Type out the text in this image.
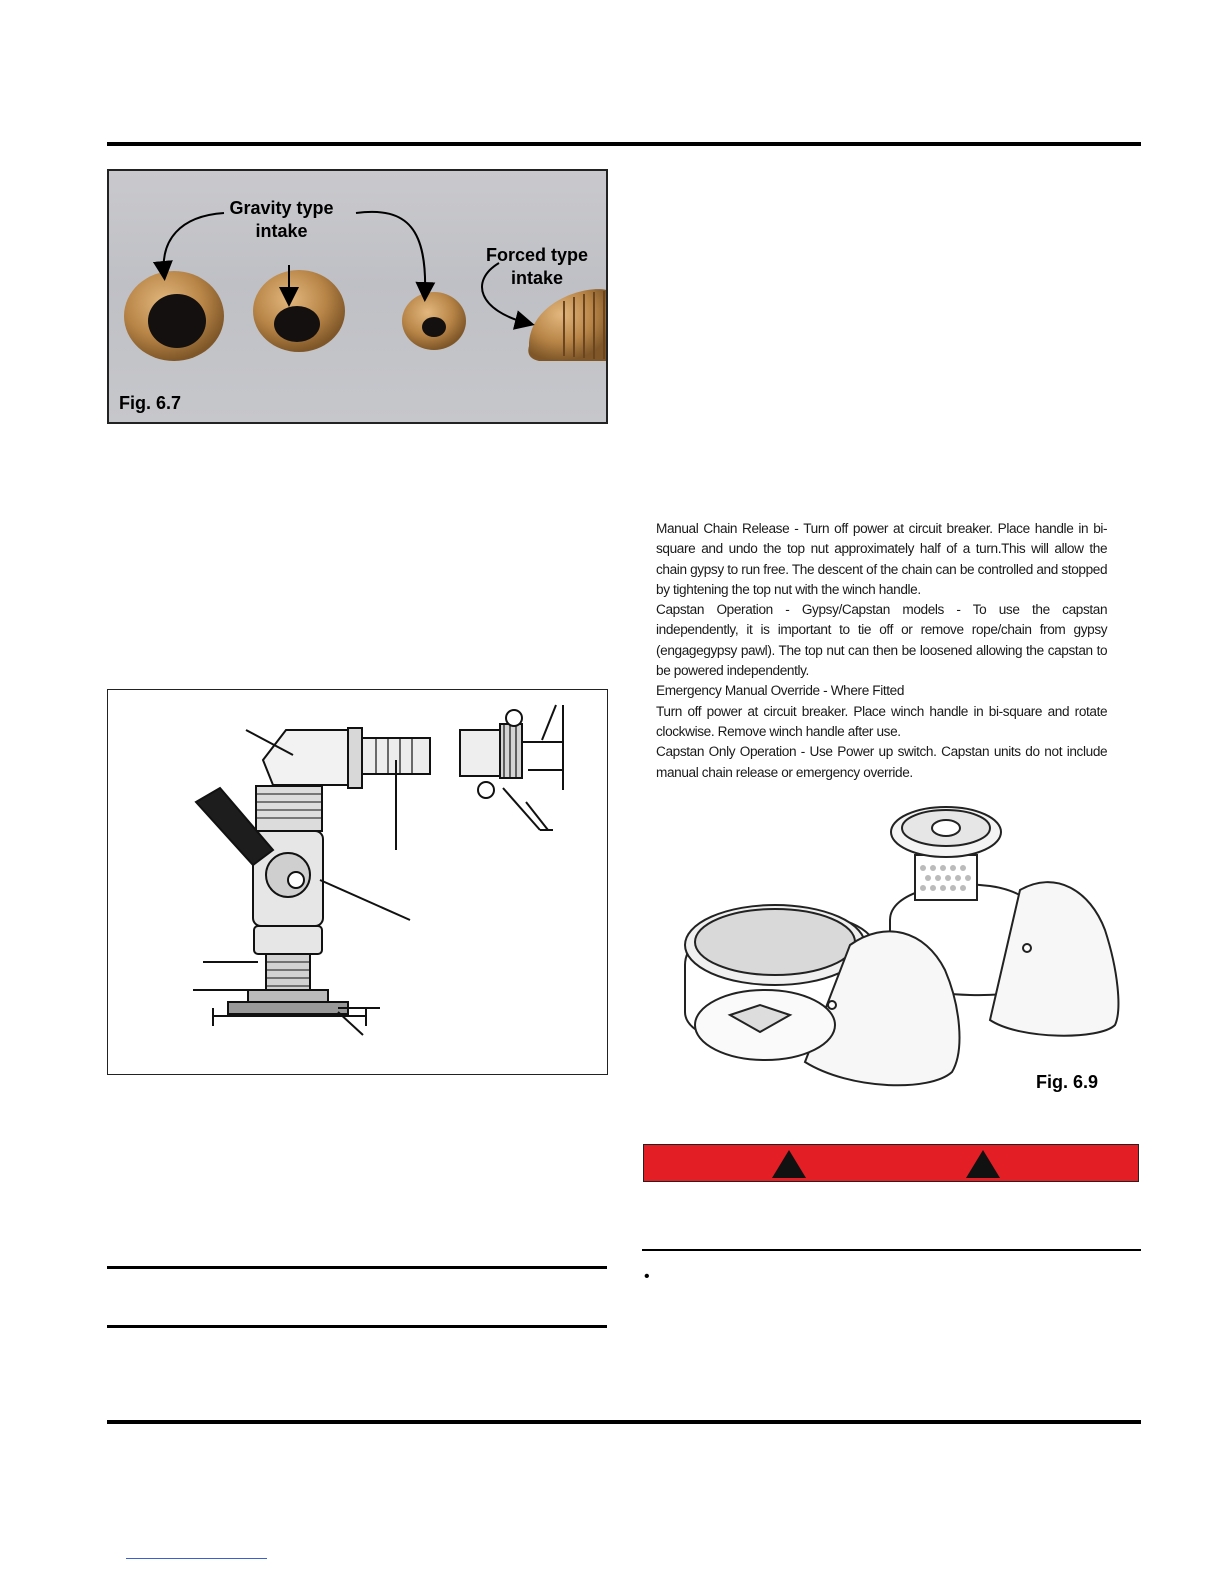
Gravity type
intake
Forced type
intake
Fig. 6.7

Manual Chain Release - Turn off power at circuit breaker. Place handle in bi-square and undo the top nut approximately half of a turn.This will allow the chain gypsy to run free. The descent of the chain can be controlled and stopped by tightening the top nut with the winch handle.

Capstan Operation - Gypsy/Capstan models - To use the capstan independently, it is important to tie off or remove rope/chain from gypsy (engagegypsy pawl). The top nut can then be loosened allowing the capstan to be powered independently.

Emergency Manual Override - Where Fitted

Turn off power at circuit breaker. Place winch handle in bi-square and rotate clockwise. Remove winch handle after use.

Capstan Only Operation - Use Power up switch. Capstan units do not include manual chain release or emergency override.

Fig. 6.9
•
